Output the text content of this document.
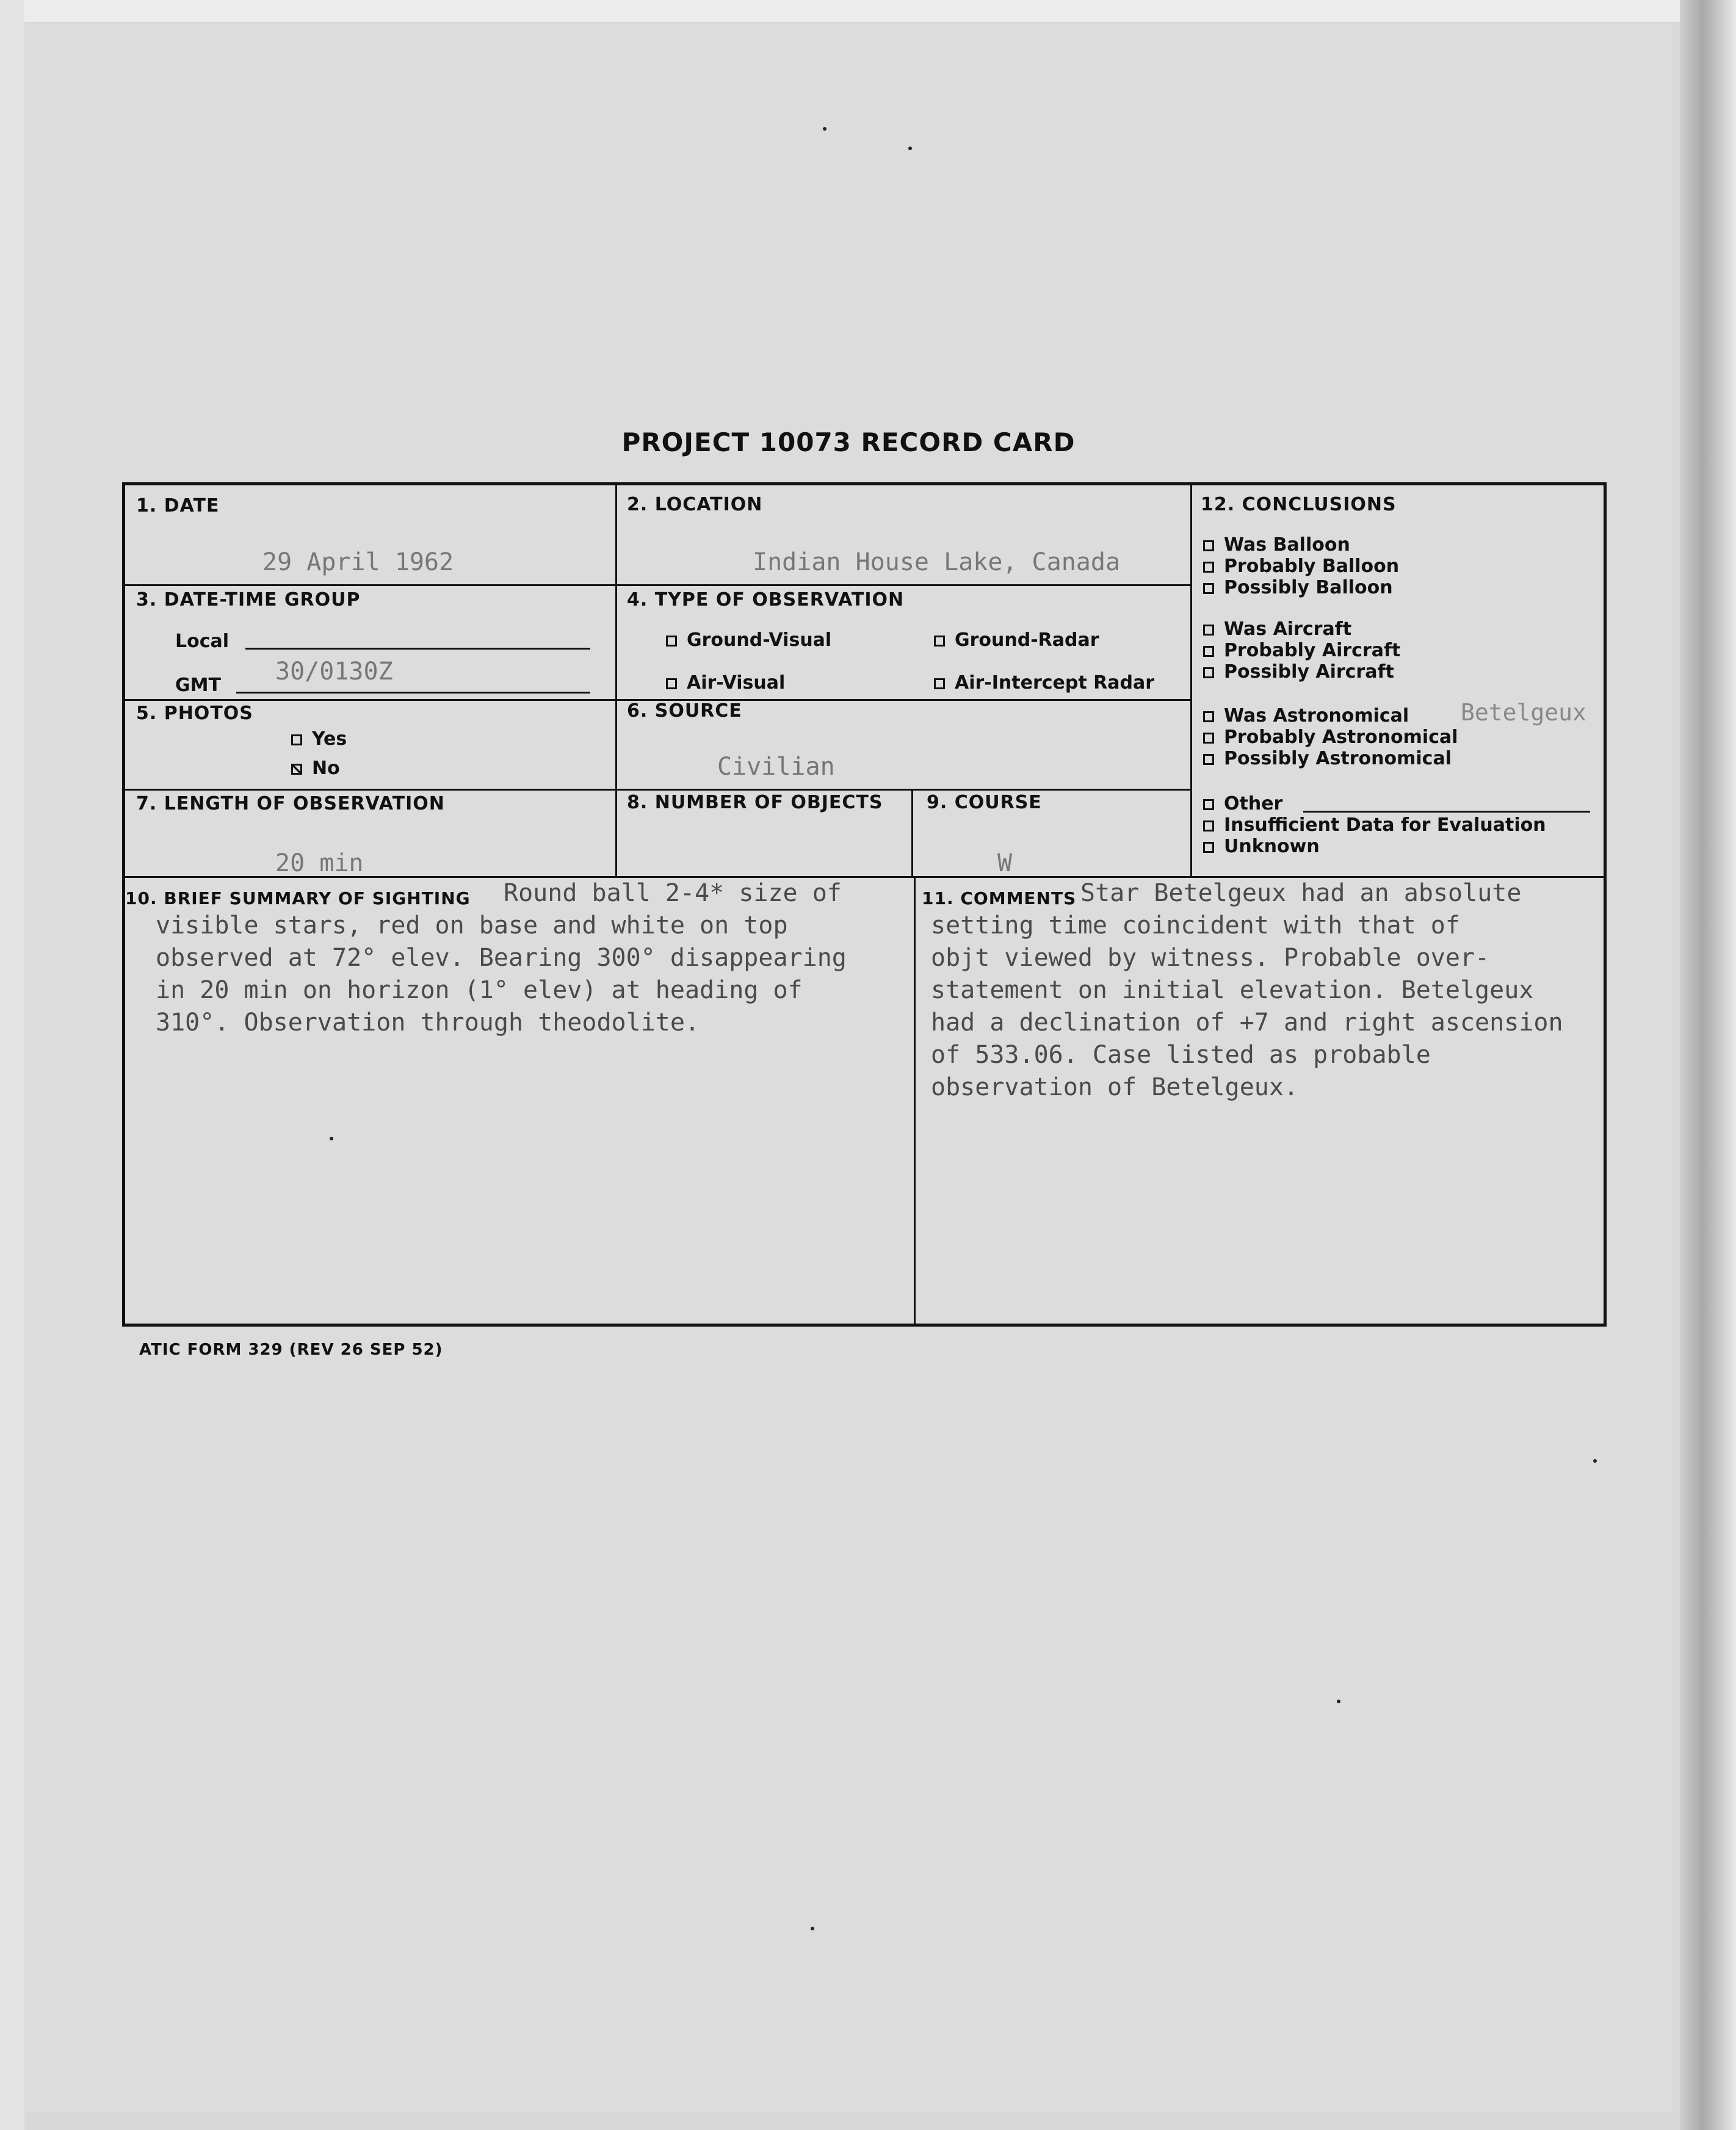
PROJECT 10073 RECORD CARD
1. DATE
29 April 1962
2. LOCATION
Indian House Lake, Canada
3. DATE-TIME GROUP
Local
GMT 30/0130Z
4. TYPE OF OBSERVATION
Ground-Visual	Ground-Radar
Air-Visual	Air-Intercept Radar
5. PHOTOS
Yes
No
6. SOURCE
Civilian
7. LENGTH OF OBSERVATION
20 min
8. NUMBER OF OBJECTS 9. COURSE
W
12. CONCLUSIONS
Was Balloon
Probably Balloon
Possibly Balloon
Was Aircraft
Probably Aircraft
Possibly Aircraft
Was Astronomical Betelgeux
Probably Astronomical
Possibly Astronomical
Other
Insufficient Data for Evaluation
Unknown
10. BRIEF SUMMARY OF SIGHTING Round ball 2-4* size of
visible stars, red on base and white on top
observed at 72° elev. Bearing 300° disappearing
in 20 min on horizon (1° elev) at heading of
310°. Observation through theodolite.
11. COMMENTS Star Betelgeux had an absolute
setting time coincident with that of
objt viewed by witness. Probable over-
statement on initial elevation. Betelgeux
had a declination of +7 and right ascension
of 533.06. Case listed as probable
observation of Betelgeux.
ATIC FORM 329 (REV 26 SEP 52)
